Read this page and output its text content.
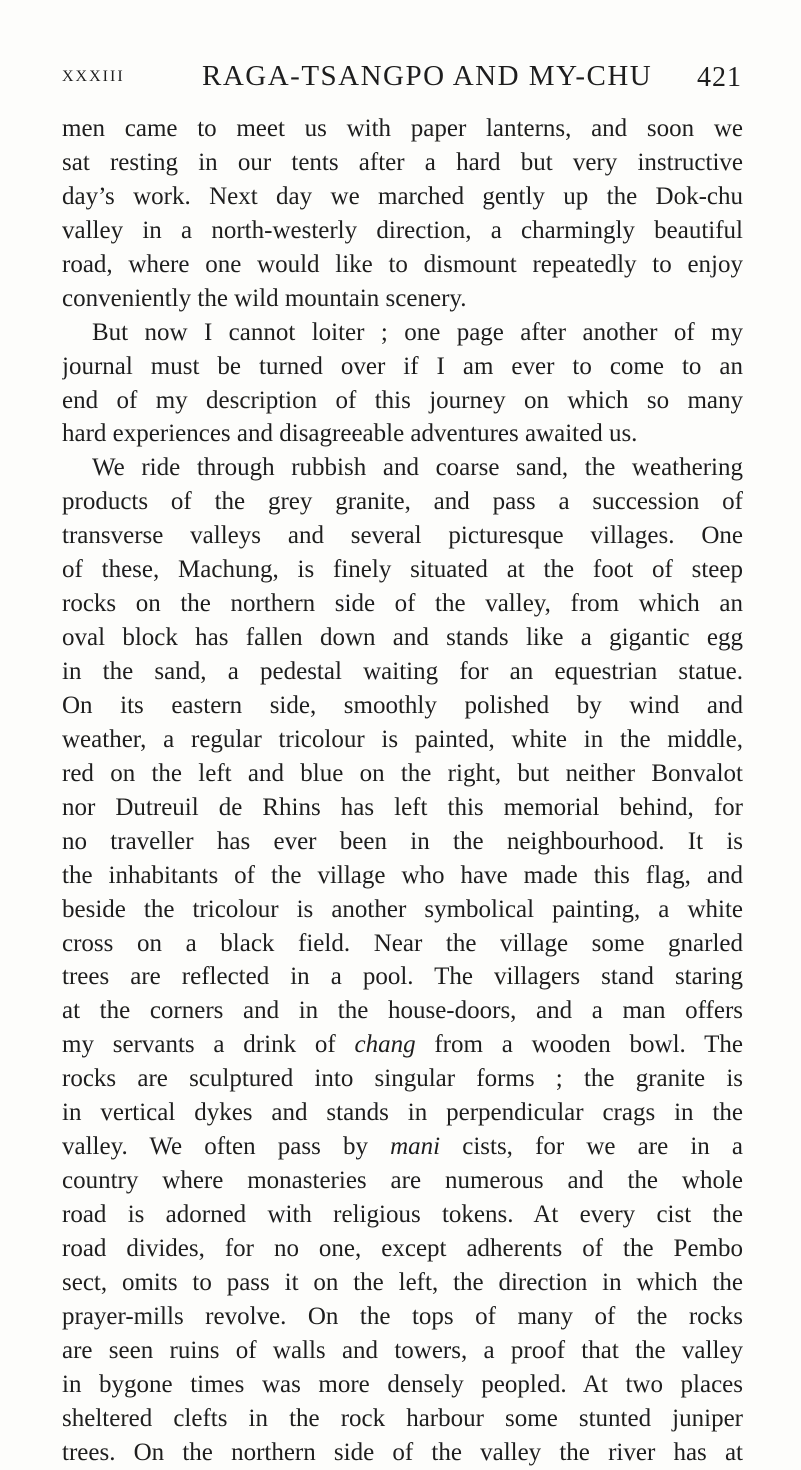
XXXIII	RAGA-TSANGPO AND MY-CHU 421
men came to meet us with paper lanterns, and soon we
sat resting in our tents after a hard but very instructive
day’s work. Next day we marched gently up the Dok-chu
valley in a north-westerly direction, a charmingly beautiful
road, where one would like to dismount repeatedly to enjoy
conveniently the wild mountain scenery.
But now I cannot loiter ; one page after another of my
journal must be turned over if I am ever to come to an
end of my description of this journey on which so many
hard experiences and disagreeable adventures awaited us.
We ride through rubbish and coarse sand, the weathering
products of the grey granite, and pass a succession of
transverse valleys and several picturesque villages. One
of these, Machung, is finely situated at the foot of steep
rocks on the northern side of the valley, from which an
oval block has fallen down and stands like a gigantic egg
in the sand, a pedestal waiting for an equestrian statue.
On its eastern side, smoothly polished by wind and
weather, a regular tricolour is painted, white in the middle,
red on the left and blue on the right, but neither Bonvalot
nor Dutreuil de Rhins has left this memorial behind, for
no traveller has ever been in the neighbourhood. It is
the inhabitants of the village who have made this flag, and
beside the tricolour is another symbolical painting, a white
cross on a black field. Near the village some gnarled
trees are reflected in a pool. The villagers stand staring
at the corners and in the house-doors, and a man offers
my servants a drink of chang from a wooden bowl. The
rocks are sculptured into singular forms ; the granite is
in vertical dykes and stands in perpendicular crags in the
valley. We often pass by mani cists, for we are in a
country where monasteries are numerous and the whole
road is adorned with religious tokens. At every cist the
road divides, for no one, except adherents of the Pembo
sect, omits to pass it on the left, the direction in which the
prayer-mills revolve. On the tops of many of the rocks
are seen ruins of walls and towers, a proof that the valley
in bygone times was more densely peopled. At two places
sheltered clefts in the rock harbour some stunted juniper
trees. On the northern side of the valley the river has at
